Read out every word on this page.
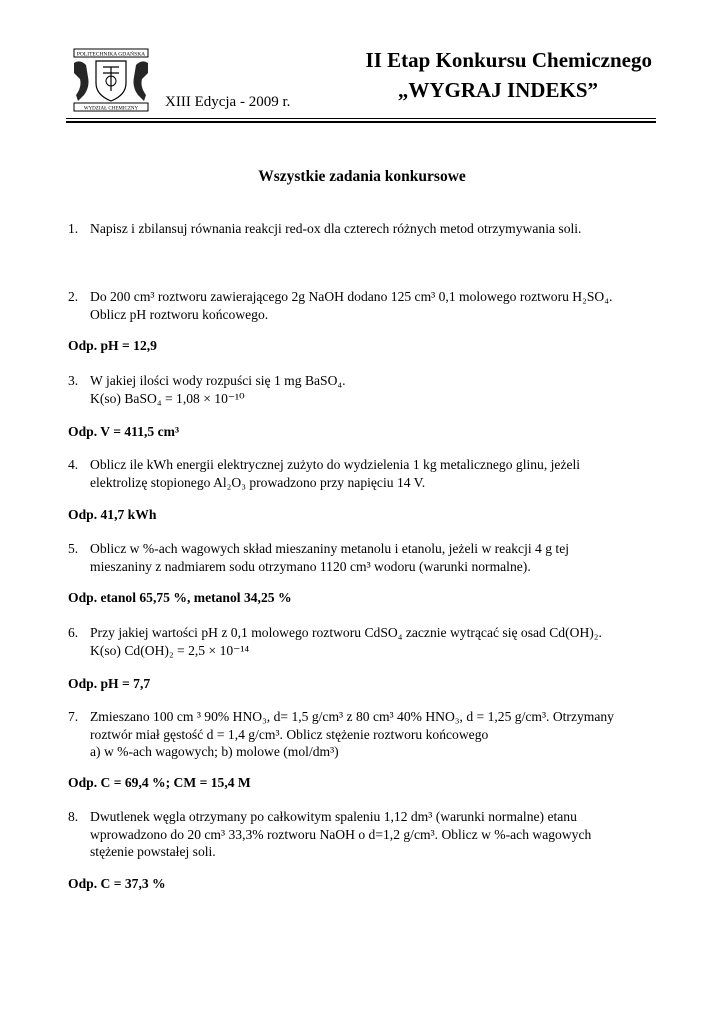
POLITECHNIKA GDAŃSKA
WYDZIAŁ CHEMICZNY XIII Edycja - 2009 r.
II Etap Konkursu Chemicznego
„WYGRAJ INDEKS”
Wszystkie zadania konkursowe
1. Napisz i zbilansuj równania reakcji red-ox dla czterech różnych metod otrzymywania soli.
2. Do 200 cm³ roztworu zawierającego 2g NaOH dodano 125 cm³ 0,1 molowego roztworu H₂SO₄.
Oblicz pH roztworu końcowego.
Odp. pH = 12,9
3. W jakiej ilości wody rozpuści się 1 mg BaSO₄.
K(so) BaSO₄ = 1,08 × 10⁻¹⁰
Odp. V = 411,5 cm³
4. Oblicz ile kWh energii elektrycznej zużyto do wydzielenia 1 kg metalicznego glinu, jeżeli
elektrolizę stopionego Al₂O₃ prowadzono przy napięciu 14 V.
Odp. 41,7 kWh
5. Oblicz w %-ach wagowych skład mieszaniny metanolu i etanolu, jeżeli w reakcji 4 g tej
mieszaniny z nadmiarem sodu otrzymano 1120 cm³ wodoru (warunki normalne).
Odp. etanol 65,75 %, metanol 34,25 %
6. Przy jakiej wartości pH z 0,1 molowego roztworu CdSO₄ zacznie wytrącać się osad Cd(OH)₂.
K(so) Cd(OH)₂ = 2,5 × 10⁻¹⁴
Odp. pH = 7,7
7. Zmieszano 100 cm ³ 90% HNO₃, d= 1,5 g/cm³ z 80 cm³ 40% HNO₃, d = 1,25 g/cm³. Otrzymany
roztwór miał gęstość d = 1,4 g/cm³. Oblicz stężenie roztworu końcowego
a) w %-ach wagowych; b) molowe (mol/dm³)
Odp. C = 69,4 %; CM = 15,4 M
8. Dwutlenek węgla otrzymany po całkowitym spaleniu 1,12 dm³ (warunki normalne) etanu
wprowadzono do 20 cm³ 33,3% roztworu NaOH o d=1,2 g/cm³. Oblicz w %-ach wagowych
stężenie powstałej soli.
Odp. C = 37,3 %
